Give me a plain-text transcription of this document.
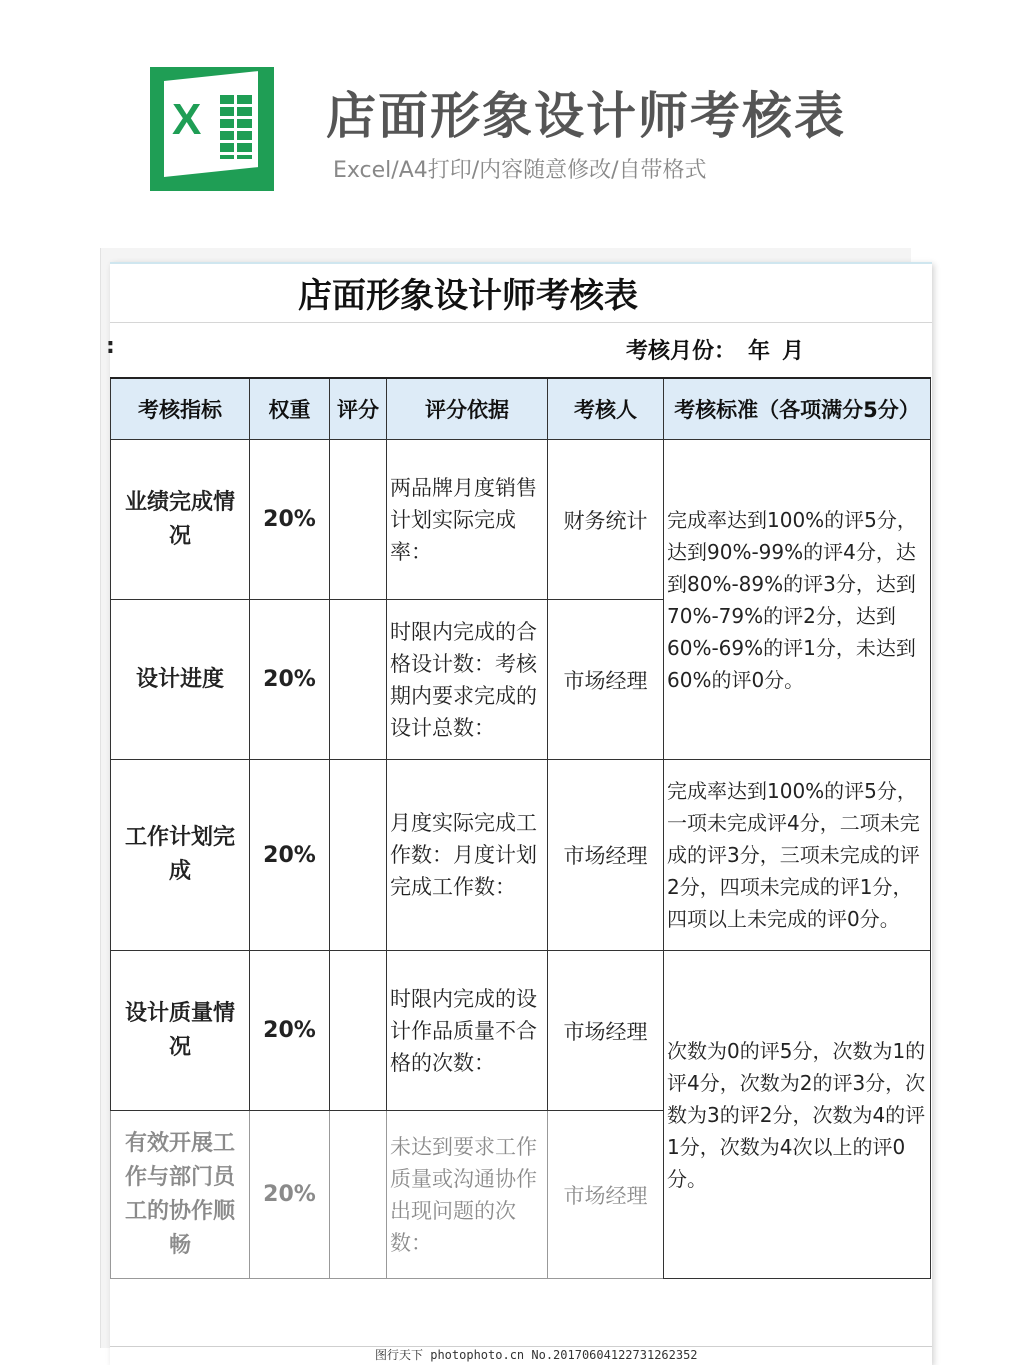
X 店面形象设计师考核表
Excel/A4打印/内容随意修改/自带格式
店面形象设计师考核表
:	考核月份： 年 月
考核指标	权重	评分	评分依据	考核人	考核标准（各项满分5分）
业绩完成情况	20%		两品牌月度销售计划实际完成率：	财务统计	完成率达到100%的评5分，达到90%-99%的评4分，达到80%-89%的评3分，达到70%-79%的评2分，达到60%-69%的评1分，未达到60%的评0分。
设计进度	20%		时限内完成的合格设计数：考核期内要求完成的设计总数：	市场经理	
工作计划完成	20%		月度实际完成工作数：月度计划完成工作数：	市场经理	完成率达到100%的评5分，一项未完成评4分，二项未完成的评3分，三项未完成的评2分，四项未完成的评1分，四项以上未完成的评0分。
设计质量情况	20%		时限内完成的设计作品质量不合格的次数：	市场经理	次数为0的评5分，次数为1的评4分，次数为2的评3分，次数为3的评2分，次数为4的评1分，次数为4次以上的评0分。
有效开展工作与部门员工的协作顺畅	20%		未达到要求工作质量或沟通协作出现问题的次数：	市场经理	
图行天下 photophoto.cn No.20170604122731262352
